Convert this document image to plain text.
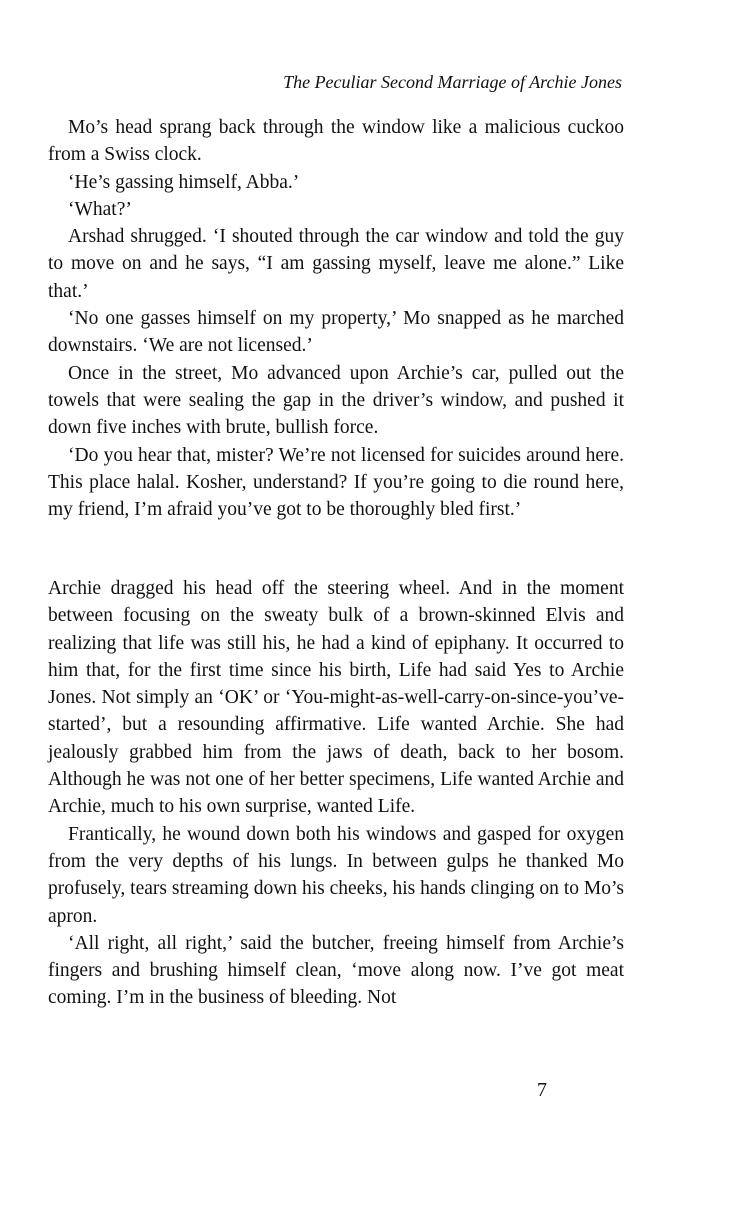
The Peculiar Second Marriage of Archie Jones

Mo’s head sprang back through the window like a malicious cuckoo from a Swiss clock.

‘He’s gassing himself, Abba.’

‘What?’

Arshad shrugged. ‘I shouted through the car window and told the guy to move on and he says, “I am gassing myself, leave me alone.” Like that.’

‘No one gasses himself on my property,’ Mo snapped as he marched downstairs. ‘We are not licensed.’

Once in the street, Mo advanced upon Archie’s car, pulled out the towels that were sealing the gap in the driver’s window, and pushed it down five inches with brute, bullish force.

‘Do you hear that, mister? We’re not licensed for suicides around here. This place halal. Kosher, understand? If you’re going to die round here, my friend, I’m afraid you’ve got to be thoroughly bled first.’

Archie dragged his head off the steering wheel. And in the moment between focusing on the sweaty bulk of a brown-skinned Elvis and realizing that life was still his, he had a kind of epiphany. It occurred to him that, for the first time since his birth, Life had said Yes to Archie Jones. Not simply an ‘OK’ or ‘You-might-as-well-carry-on-since-you’ve-started’, but a resounding affirmative. Life wanted Archie. She had jealously grabbed him from the jaws of death, back to her bosom. Although he was not one of her better specimens, Life wanted Archie and Archie, much to his own surprise, wanted Life.

Frantically, he wound down both his windows and gasped for oxygen from the very depths of his lungs. In between gulps he thanked Mo profusely, tears streaming down his cheeks, his hands clinging on to Mo’s apron.

‘All right, all right,’ said the butcher, freeing himself from Archie’s fingers and brushing himself clean, ‘move along now. I’ve got meat coming. I’m in the business of bleeding. Not

7
